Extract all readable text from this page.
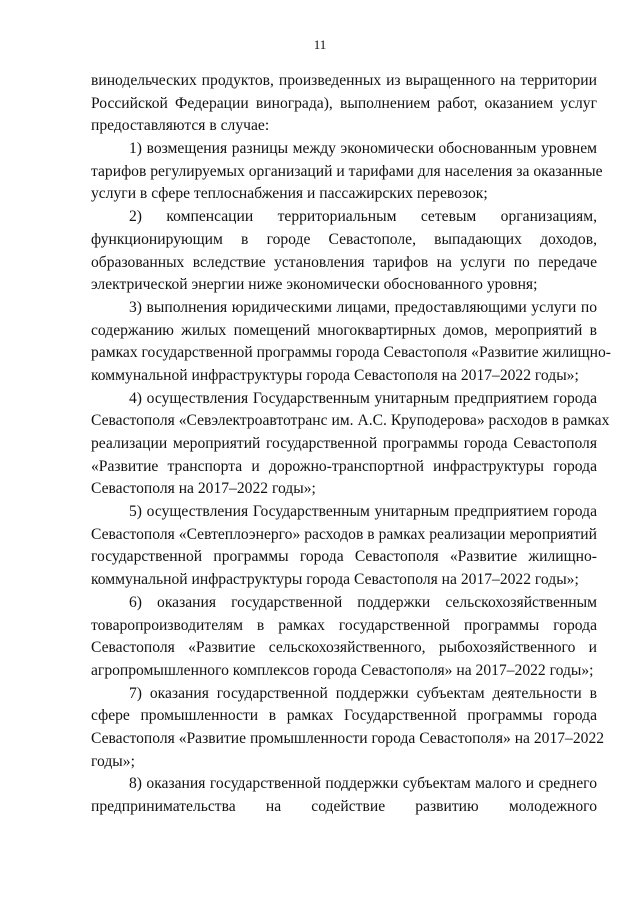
11
винодельческих продуктов, произведенных из выращенного на территории
Российской Федерации винограда), выполнением работ, оказанием услуг
предоставляются в случае:
1) возмещения разницы между экономически обоснованным уровнем
тарифов регулируемых организаций и тарифами для населения за оказанные
услуги в сфере теплоснабжения и пассажирских перевозок;
2) компенсации территориальным сетевым организациям,
функционирующим в городе Севастополе, выпадающих доходов,
образованных вследствие установления тарифов на услуги по передаче
электрической энергии ниже экономически обоснованного уровня;
3) выполнения юридическими лицами, предоставляющими услуги по
содержанию жилых помещений многоквартирных домов, мероприятий в
рамках государственной программы города Севастополя «Развитие жилищно-
коммунальной инфраструктуры города Севастополя на 2017–2022 годы»;
4) осуществления Государственным унитарным предприятием города
Севастополя «Севэлектроавтотранс им. А.С. Круподерова» расходов в рамках
реализации мероприятий государственной программы города Севастополя
«Развитие транспорта и дорожно-транспортной инфраструктуры города
Севастополя на 2017–2022 годы»;
5) осуществления Государственным унитарным предприятием города
Севастополя «Севтеплоэнерго» расходов в рамках реализации мероприятий
государственной программы города Севастополя «Развитие жилищно-
коммунальной инфраструктуры города Севастополя на 2017–2022 годы»;
6) оказания государственной поддержки сельскохозяйственным
товаропроизводителям в рамках государственной программы города
Севастополя «Развитие сельскохозяйственного, рыбохозяйственного и
агропромышленного комплексов города Севастополя» на 2017–2022 годы»;
7) оказания государственной поддержки субъектам деятельности в
сфере промышленности в рамках Государственной программы города
Севастополя «Развитие промышленности города Севастополя» на 2017–2022
годы»;
8) оказания государственной поддержки субъектам малого и среднего
предпринимательства на содействие развитию молодежного
